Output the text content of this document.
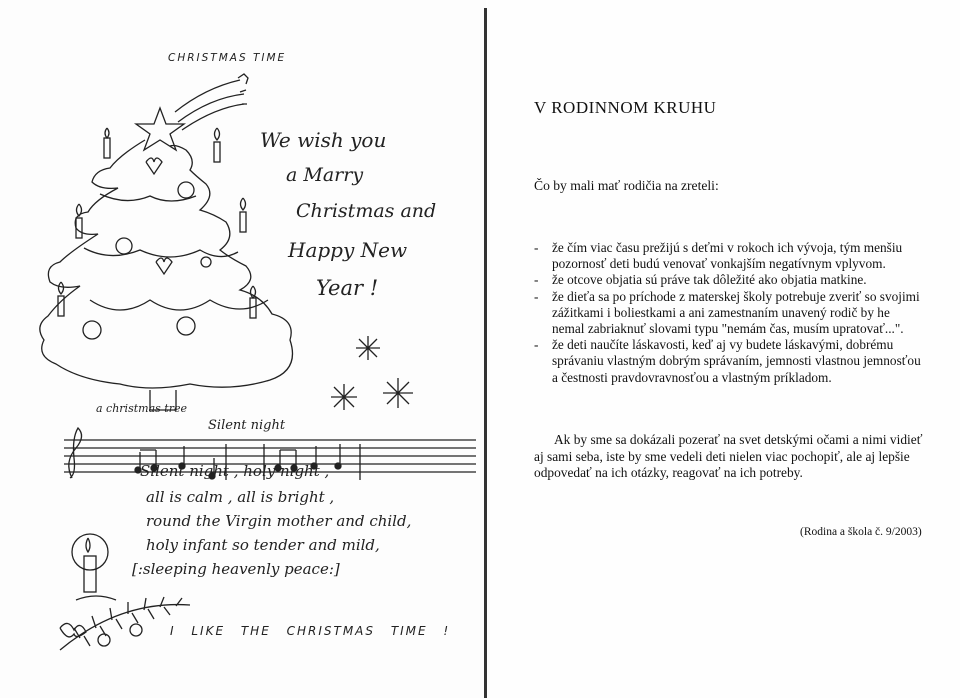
CHRISTMAS TIME
We wish you
a Marry
Christmas and
Happy New
Year !
a christmas tree
Silent night
Silent night , holy night ,
all is calm , all is bright ,
round the Virgin mother and child,
holy infant so tender and mild,
[:sleeping heavenly peace:]
I LIKE THE CHRISTMAS TIME !
V RODINNOM KRUHU
Čo by mali mať rodičia na zreteli:
- že čím viac času prežijú s deťmi v rokoch ich vývoja, tým menšiu
pozornosť deti budú venovať vonkajším negatívnym vplyvom.
- že otcove objatia sú práve tak dôležité ako objatia matkine.
- že dieťa sa po príchode z materskej školy potrebuje zveriť so svojimi
zážitkami i boliestkami a ani zamestnaním unavený rodič by he
nemal zabriaknuť slovami typu "nemám čas, musím upratovať...".
- že deti naučíte láskavosti, keď aj vy budete láskavými, dobrému
správaniu vlastným dobrým správaním, jemnosti vlastnou jemnosťou
a čestnosti pravdovravnosťou a vlastným príkladom.
Ak by sme sa dokázali pozerať na svet detskými očami a nimi vidieť
aj sami seba, iste by sme vedeli deti nielen viac pochopiť, ale aj lepšie
odpovedať na ich otázky, reagovať na ich potreby.
(Rodina a škola č. 9/2003)
